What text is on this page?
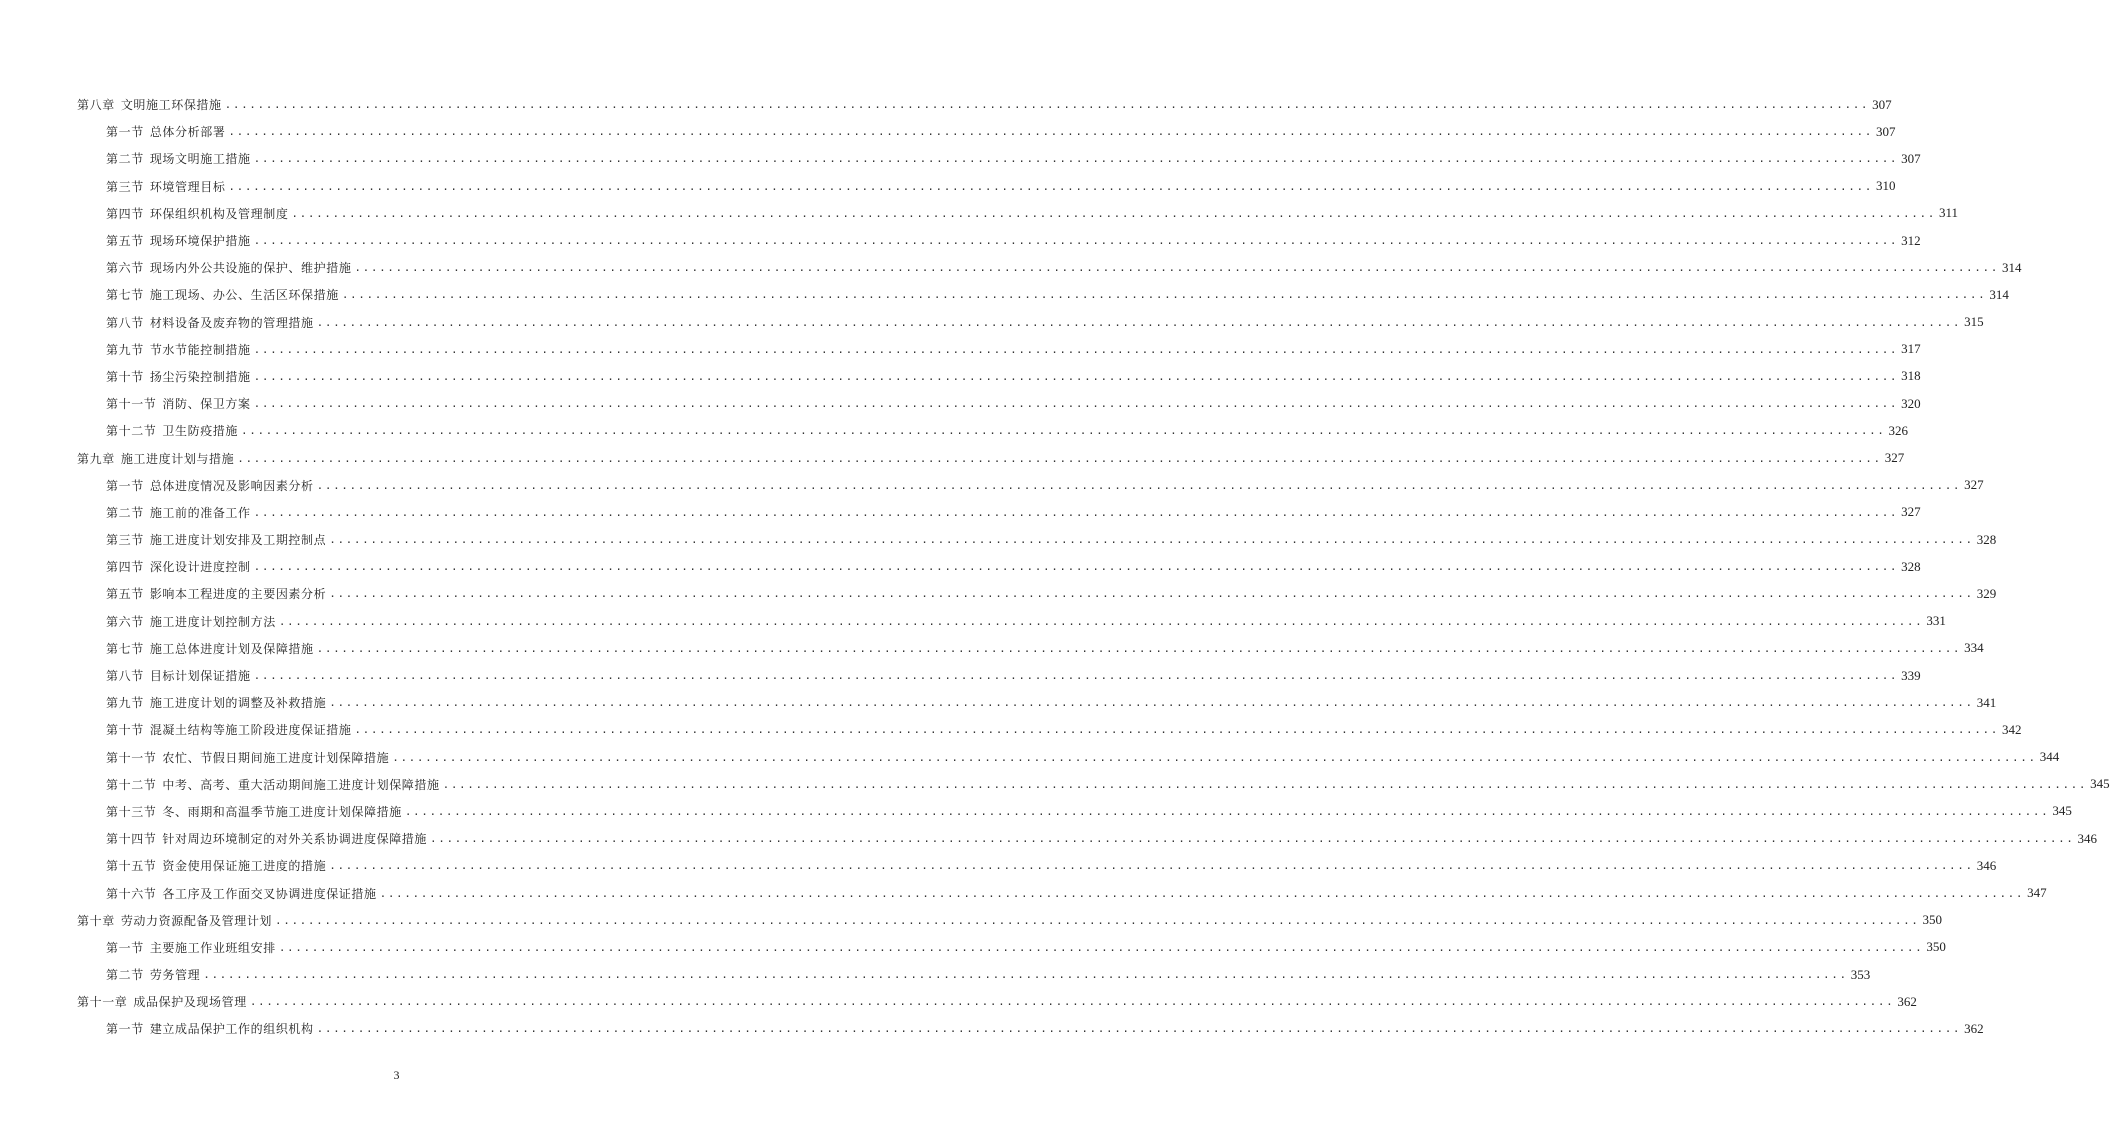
第八章 文明施工环保措施 ........................................................................................................................................................................................................ 307
第一节 总体分析部署 ........................................................................................................................................................................................................ 307
第二节 现场文明施工措施 ........................................................................................................................................................................................................ 307
第三节 环境管理目标 ........................................................................................................................................................................................................ 310
第四节 环保组织机构及管理制度 ........................................................................................................................................................................................................ 311
第五节 现场环境保护措施 ........................................................................................................................................................................................................ 312
第六节 现场内外公共设施的保护、维护措施 ........................................................................................................................................................................................................ 314
第七节 施工现场、办公、生活区环保措施 ........................................................................................................................................................................................................ 314
第八节 材料设备及废弃物的管理措施 ........................................................................................................................................................................................................ 315
第九节 节水节能控制措施 ........................................................................................................................................................................................................ 317
第十节 扬尘污染控制措施 ........................................................................................................................................................................................................ 318
第十一节 消防、保卫方案 ........................................................................................................................................................................................................ 320
第十二节 卫生防疫措施 ........................................................................................................................................................................................................ 326
第九章 施工进度计划与措施 ........................................................................................................................................................................................................ 327
第一节 总体进度情况及影响因素分析 ........................................................................................................................................................................................................ 327
第二节 施工前的准备工作 ........................................................................................................................................................................................................ 327
第三节 施工进度计划安排及工期控制点 ........................................................................................................................................................................................................ 328
第四节 深化设计进度控制 ........................................................................................................................................................................................................ 328
第五节 影响本工程进度的主要因素分析 ........................................................................................................................................................................................................ 329
第六节 施工进度计划控制方法 ........................................................................................................................................................................................................ 331
第七节 施工总体进度计划及保障措施 ........................................................................................................................................................................................................ 334
第八节 目标计划保证措施 ........................................................................................................................................................................................................ 339
第九节 施工进度计划的调整及补救措施 ........................................................................................................................................................................................................ 341
第十节 混凝土结构等施工阶段进度保证措施 ........................................................................................................................................................................................................ 342
第十一节 农忙、节假日期间施工进度计划保障措施 ........................................................................................................................................................................................................ 344
第十二节 中考、高考、重大活动期间施工进度计划保障措施 ........................................................................................................................................................................................................ 345
第十三节 冬、雨期和高温季节施工进度计划保障措施 ........................................................................................................................................................................................................ 345
第十四节 针对周边环境制定的对外关系协调进度保障措施 ........................................................................................................................................................................................................ 346
第十五节 资金使用保证施工进度的措施 ........................................................................................................................................................................................................ 346
第十六节 各工序及工作面交叉协调进度保证措施 ........................................................................................................................................................................................................ 347
第十章 劳动力资源配备及管理计划 ........................................................................................................................................................................................................ 350
第一节 主要施工作业班组安排 ........................................................................................................................................................................................................ 350
第二节 劳务管理 ........................................................................................................................................................................................................ 353
第十一章 成品保护及现场管理 ........................................................................................................................................................................................................ 362
第一节 建立成品保护工作的组织机构 ........................................................................................................................................................................................................ 362
3
